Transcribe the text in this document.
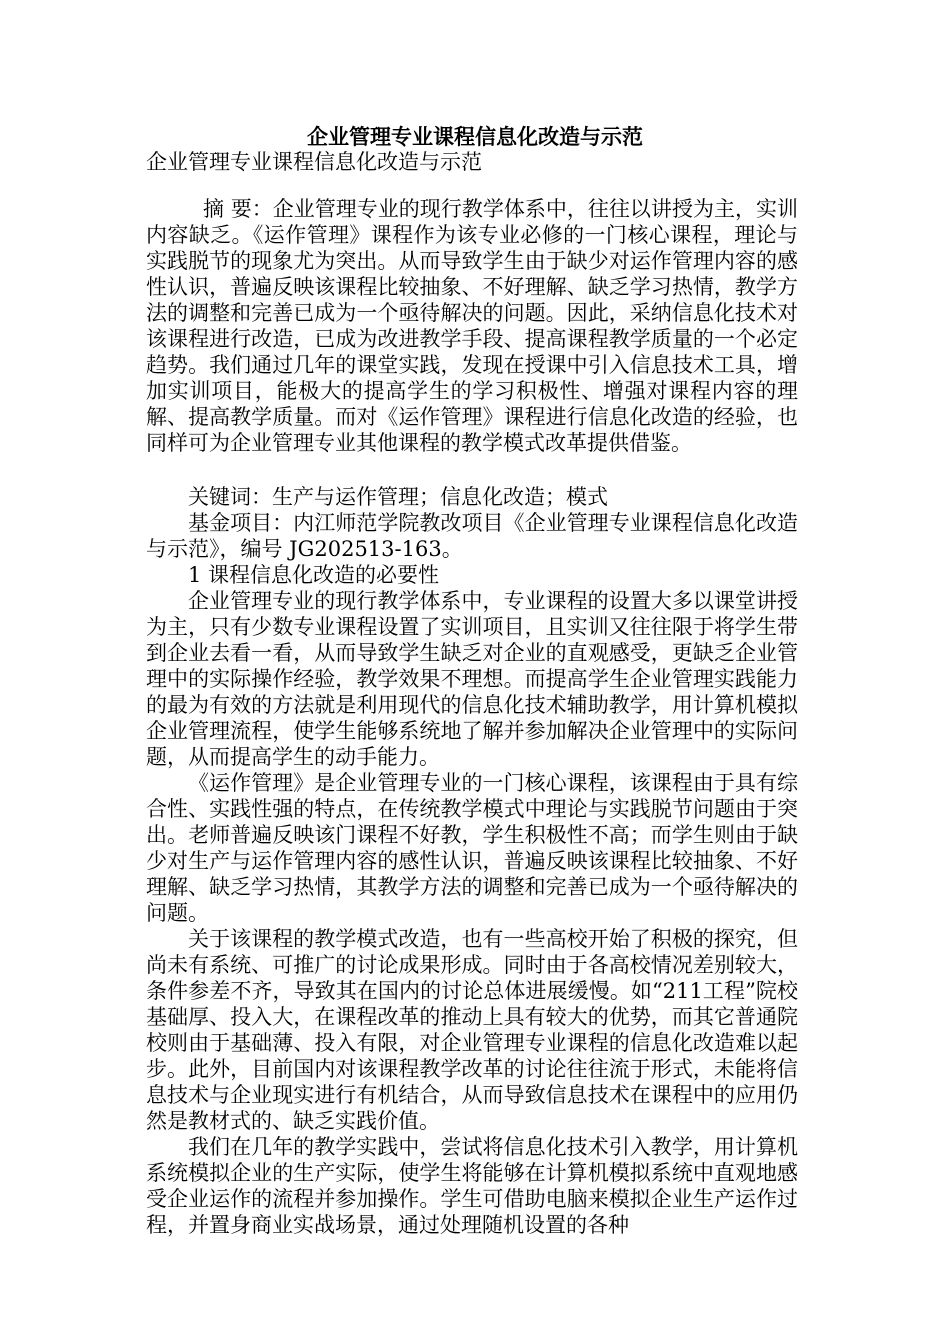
企业管理专业课程信息化改造与示范

企业管理专业课程信息化改造与示范

摘 要：企业管理专业的现行教学体系中，往往以讲授为主，实训内容缺乏。《运作管理》课程作为该专业必修的一门核心课程，理论与实践脱节的现象尤为突出。从而导致学生由于缺少对运作管理内容的感性认识，普遍反映该课程比较抽象、不好理解、缺乏学习热情，教学方法的调整和完善已成为一个亟待解决的问题。因此，采纳信息化技术对该课程进行改造，已成为改进教学手段、提高课程教学质量的一个必定趋势。我们通过几年的课堂实践，发现在授课中引入信息技术工具，增加实训项目，能极大的提高学生的学习积极性、增强对课程内容的理解、提高教学质量。而对《运作管理》课程进行信息化改造的经验，也同样可为企业管理专业其他课程的教学模式改革提供借鉴。

关键词：生产与运作管理；信息化改造；模式

基金项目：内江师范学院教改项目《企业管理专业课程信息化改造与示范》，编号 JG202513-163。

1 课程信息化改造的必要性

企业管理专业的现行教学体系中，专业课程的设置大多以课堂讲授为主，只有少数专业课程设置了实训项目，且实训又往往限于将学生带到企业去看一看，从而导致学生缺乏对企业的直观感受，更缺乏企业管理中的实际操作经验，教学效果不理想。而提高学生企业管理实践能力的最为有效的方法就是利用现代的信息化技术辅助教学，用计算机模拟企业管理流程，使学生能够系统地了解并参加解决企业管理中的实际问题，从而提高学生的动手能力。

《运作管理》是企业管理专业的一门核心课程，该课程由于具有综合性、实践性强的特点，在传统教学模式中理论与实践脱节问题由于突出。老师普遍反映该门课程不好教，学生积极性不高；而学生则由于缺少对生产与运作管理内容的感性认识，普遍反映该课程比较抽象、不好理解、缺乏学习热情，其教学方法的调整和完善已成为一个亟待解决的问题。

关于该课程的教学模式改造，也有一些高校开始了积极的探究，但尚未有系统、可推广的讨论成果形成。同时由于各高校情况差别较大，条件参差不齐，导致其在国内的讨论总体进展缓慢。如“211工程”院校基础厚、投入大，在课程改革的推动上具有较大的优势，而其它普通院校则由于基础薄、投入有限，对企业管理专业课程的信息化改造难以起步。此外，目前国内对该课程教学改革的讨论往往流于形式，未能将信息技术与企业现实进行有机结合，从而导致信息技术在课程中的应用仍然是教材式的、缺乏实践价值。

我们在几年的教学实践中，尝试将信息化技术引入教学，用计算机系统模拟企业的生产实际，使学生将能够在计算机模拟系统中直观地感受企业运作的流程并参加操作。学生可借助电脑来模拟企业生产运作过程，并置身商业实战场景，通过处理随机设置的各种
